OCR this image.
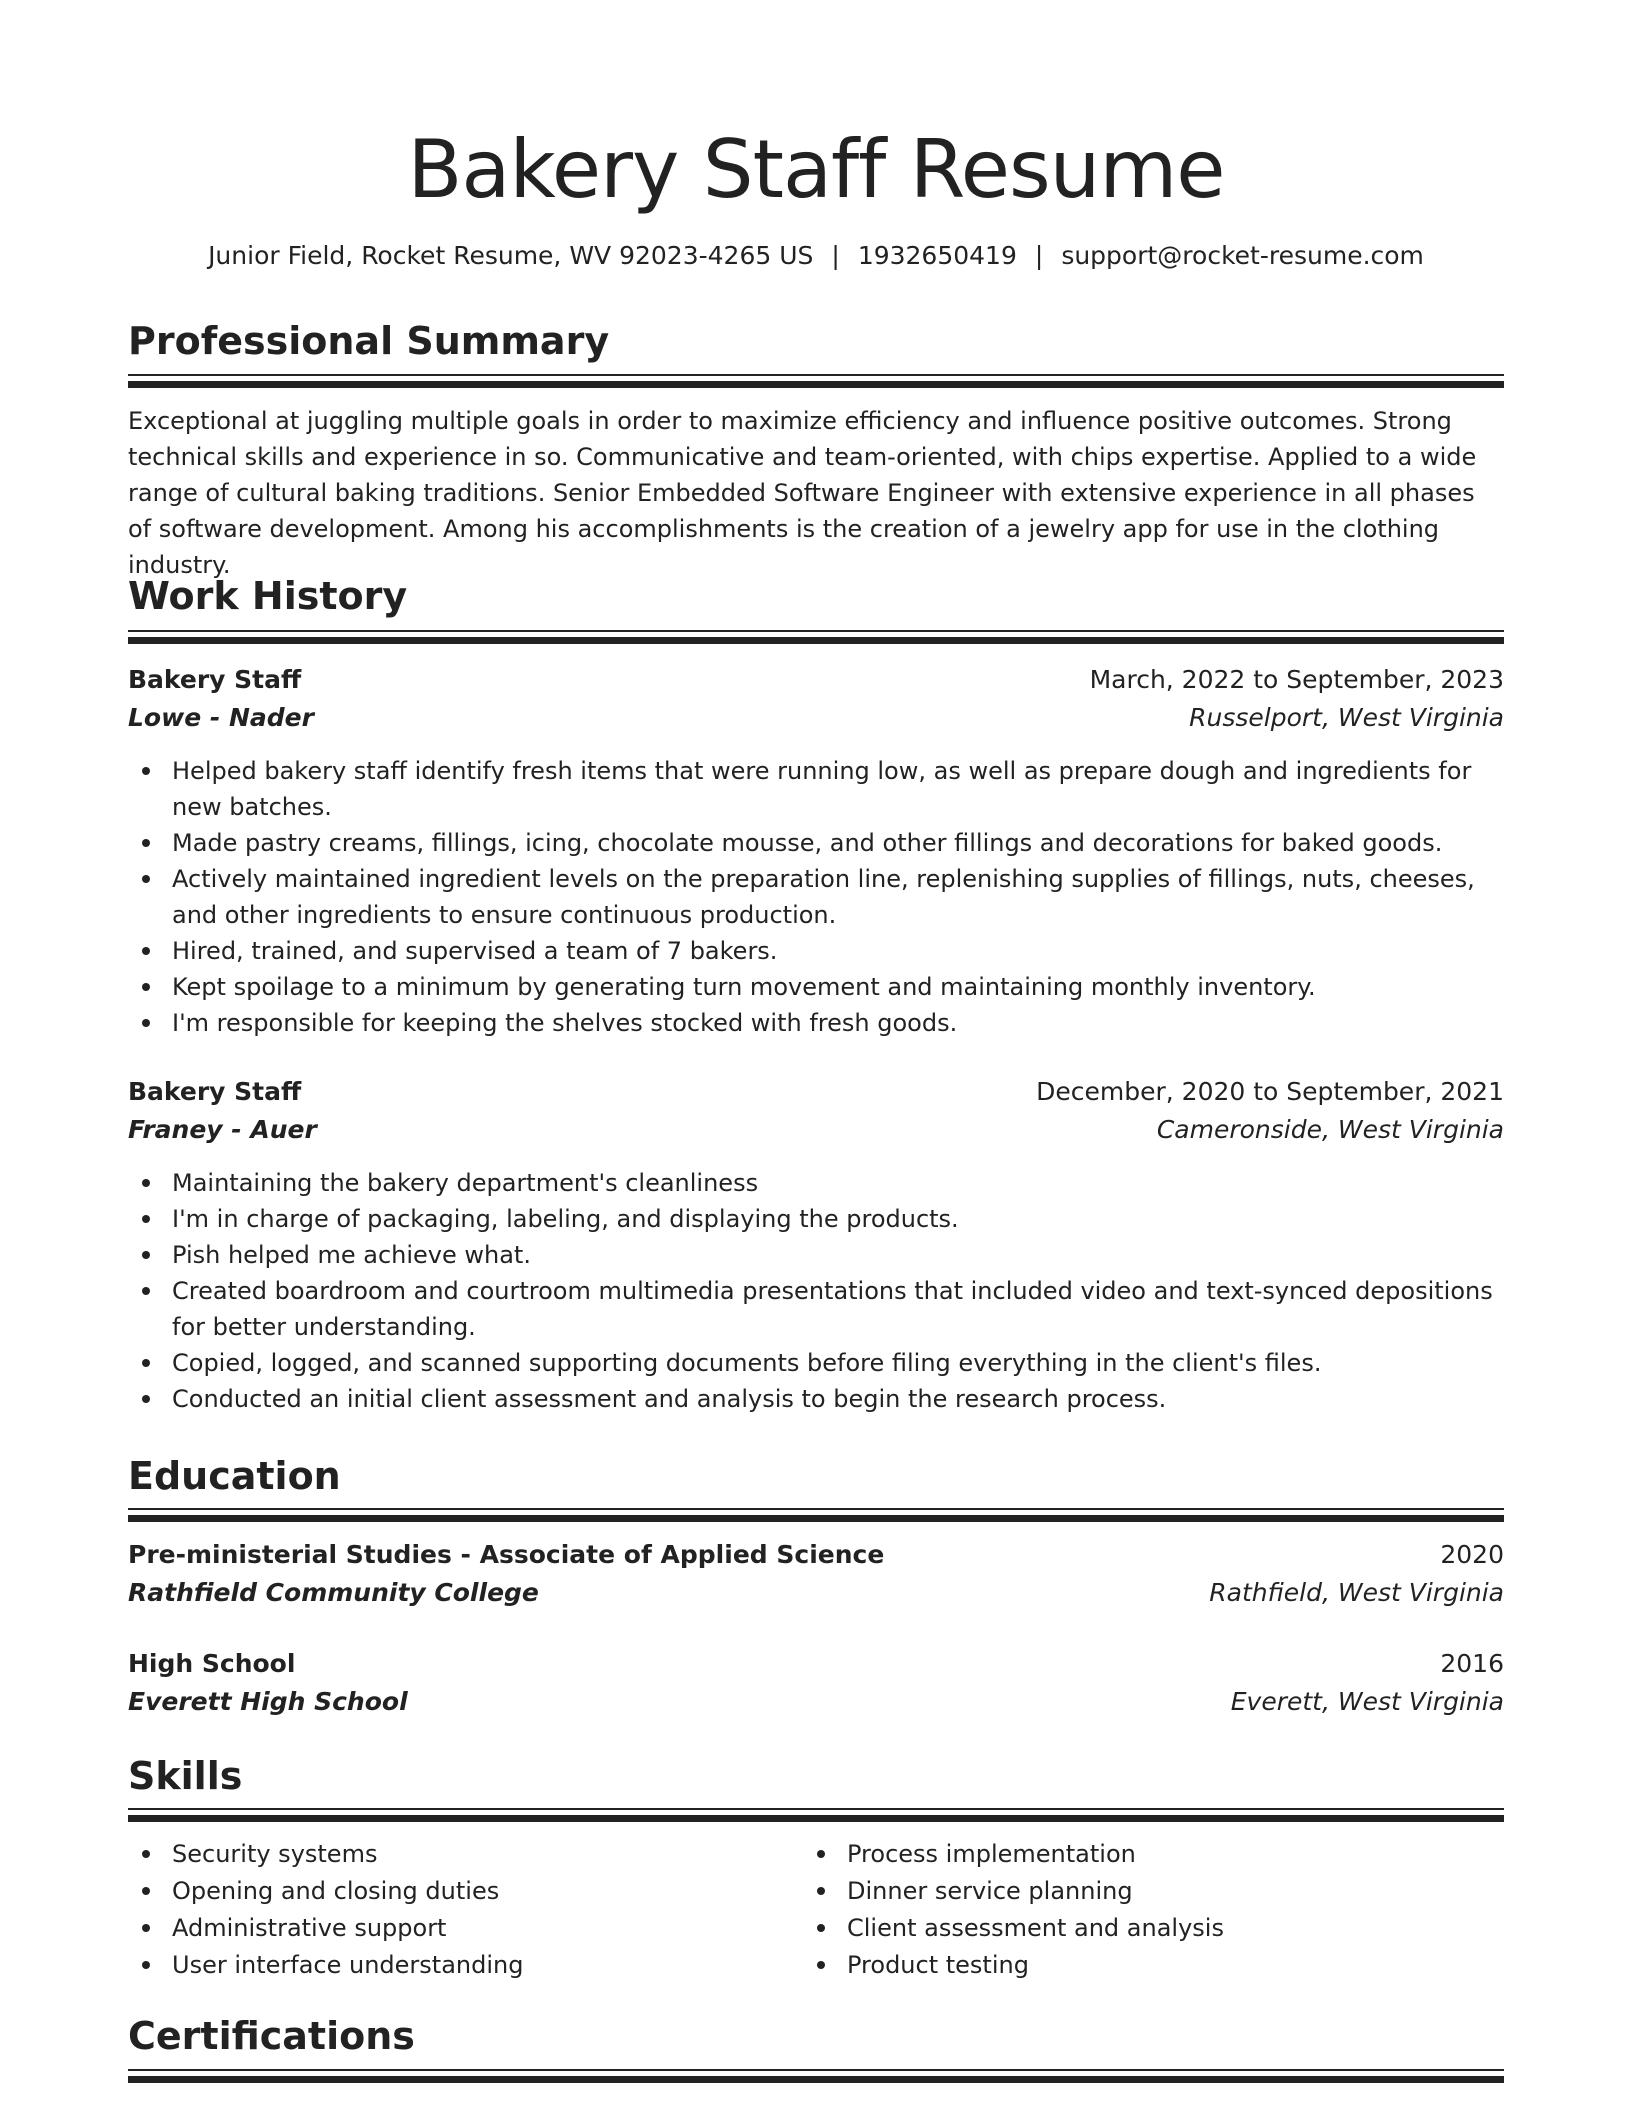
Bakery Staff Resume
Junior Field, Rocket Resume, WV 92023-4265 US | 1932650419 | support@rocket-resume.com
Professional Summary
Exceptional at juggling multiple goals in order to maximize efficiency and influence positive outcomes. Strong technical skills and experience in so. Communicative and team-oriented, with chips expertise. Applied to a wide range of cultural baking traditions. Senior Embedded Software Engineer with extensive experience in all phases of software development. Among his accomplishments is the creation of a jewelry app for use in the clothing industry.
Work History
Bakery Staff	March, 2022 to September, 2023
Lowe - Nader	Russelport, West Virginia
Helped bakery staff identify fresh items that were running low, as well as prepare dough and ingredients for new batches.
Made pastry creams, fillings, icing, chocolate mousse, and other fillings and decorations for baked goods.
Actively maintained ingredient levels on the preparation line, replenishing supplies of fillings, nuts, cheeses, and other ingredients to ensure continuous production.
Hired, trained, and supervised a team of 7 bakers.
Kept spoilage to a minimum by generating turn movement and maintaining monthly inventory.
I'm responsible for keeping the shelves stocked with fresh goods.
Bakery Staff	December, 2020 to September, 2021
Franey - Auer	Cameronside, West Virginia
Maintaining the bakery department's cleanliness
I'm in charge of packaging, labeling, and displaying the products.
Pish helped me achieve what.
Created boardroom and courtroom multimedia presentations that included video and text-synced depositions for better understanding.
Copied, logged, and scanned supporting documents before filing everything in the client's files.
Conducted an initial client assessment and analysis to begin the research process.
Education
Pre-ministerial Studies - Associate of Applied Science	2020
Rathfield Community College	Rathfield, West Virginia
High School	2016
Everett High School	Everett, West Virginia
Skills
Security systems
Opening and closing duties
Administrative support
User interface understanding
Process implementation
Dinner service planning
Client assessment and analysis
Product testing
Certifications
